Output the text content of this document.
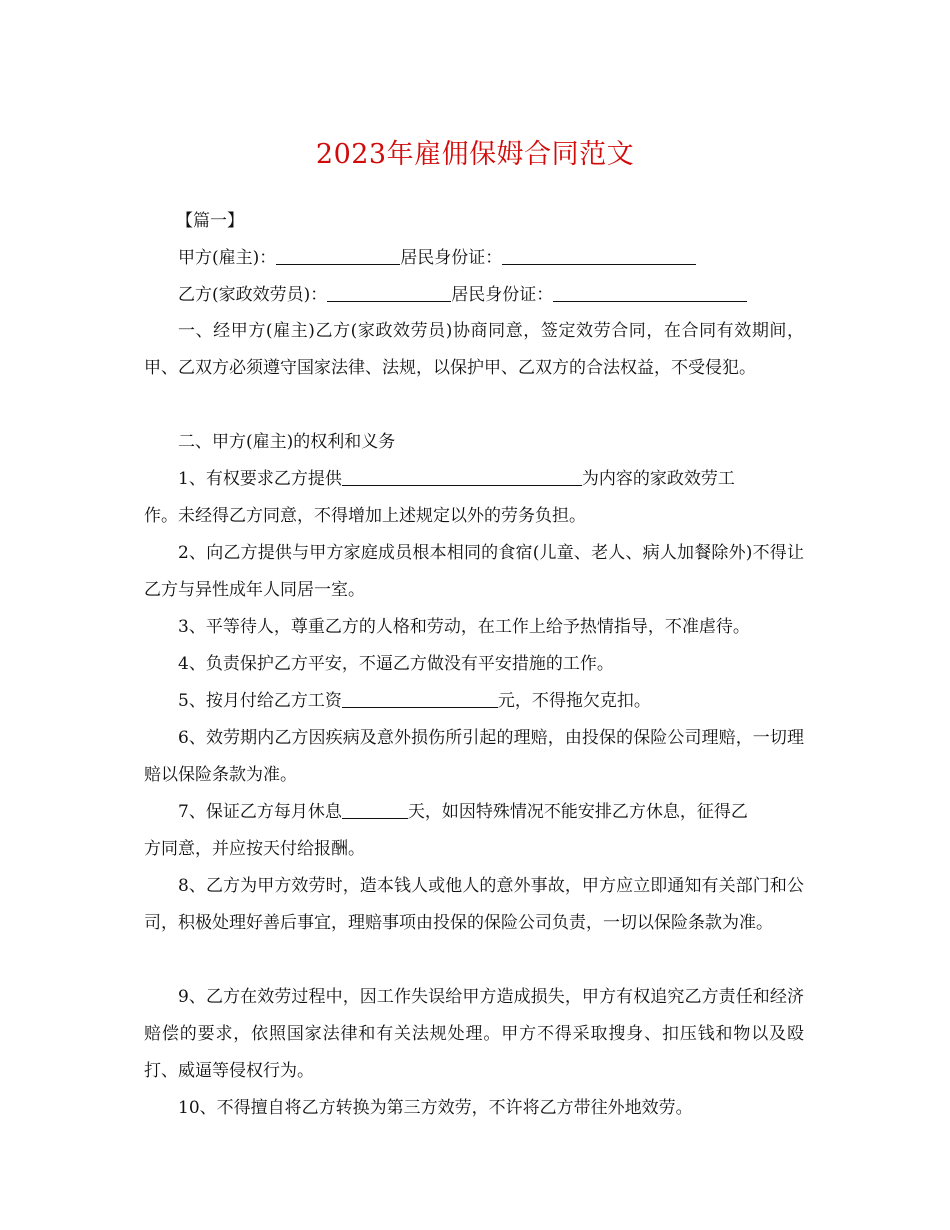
2023年雇佣保姆合同范文
【篇一】
甲方(雇主)：	居民身份证：
乙方(家政效劳员)：	居民身份证：

一、经甲方(雇主)乙方(家政效劳员)协商同意，签定效劳合同，在合同有效期间，甲、乙双方必须遵守国家法律、法规，以保护甲、乙双方的合法权益，不受侵犯。

二、甲方(雇主)的权利和义务
1、有权要求乙方提供	为内容的家政效劳工
作。未经得乙方同意，不得增加上述规定以外的劳务负担。

2、向乙方提供与甲方家庭成员根本相同的食宿(儿童、老人、病人加餐除外)不得让乙方与异性成年人同居一室。

3、平等待人，尊重乙方的人格和劳动，在工作上给予热情指导，不准虐待。
4、负责保护乙方平安，不逼乙方做没有平安措施的工作。
5、按月付给乙方工资	元，不得拖欠克扣。

6、效劳期内乙方因疾病及意外损伤所引起的理赔，由投保的保险公司理赔，一切理赔以保险条款为准。

7、保证乙方每月休息	天，如因特殊情况不能安排乙方休息，征得乙
方同意，并应按天付给报酬。

8、乙方为甲方效劳时，造本钱人或他人的意外事故，甲方应立即通知有关部门和公司，积极处理好善后事宜，理赔事项由投保的保险公司负责，一切以保险条款为准。

9、乙方在效劳过程中，因工作失误给甲方造成损失，甲方有权追究乙方责任和经济赔偿的要求，依照国家法律和有关法规处理。甲方不得采取搜身、扣压钱和物以及殴打、威逼等侵权行为。

10、不得擅自将乙方转换为第三方效劳，不许将乙方带往外地效劳。
